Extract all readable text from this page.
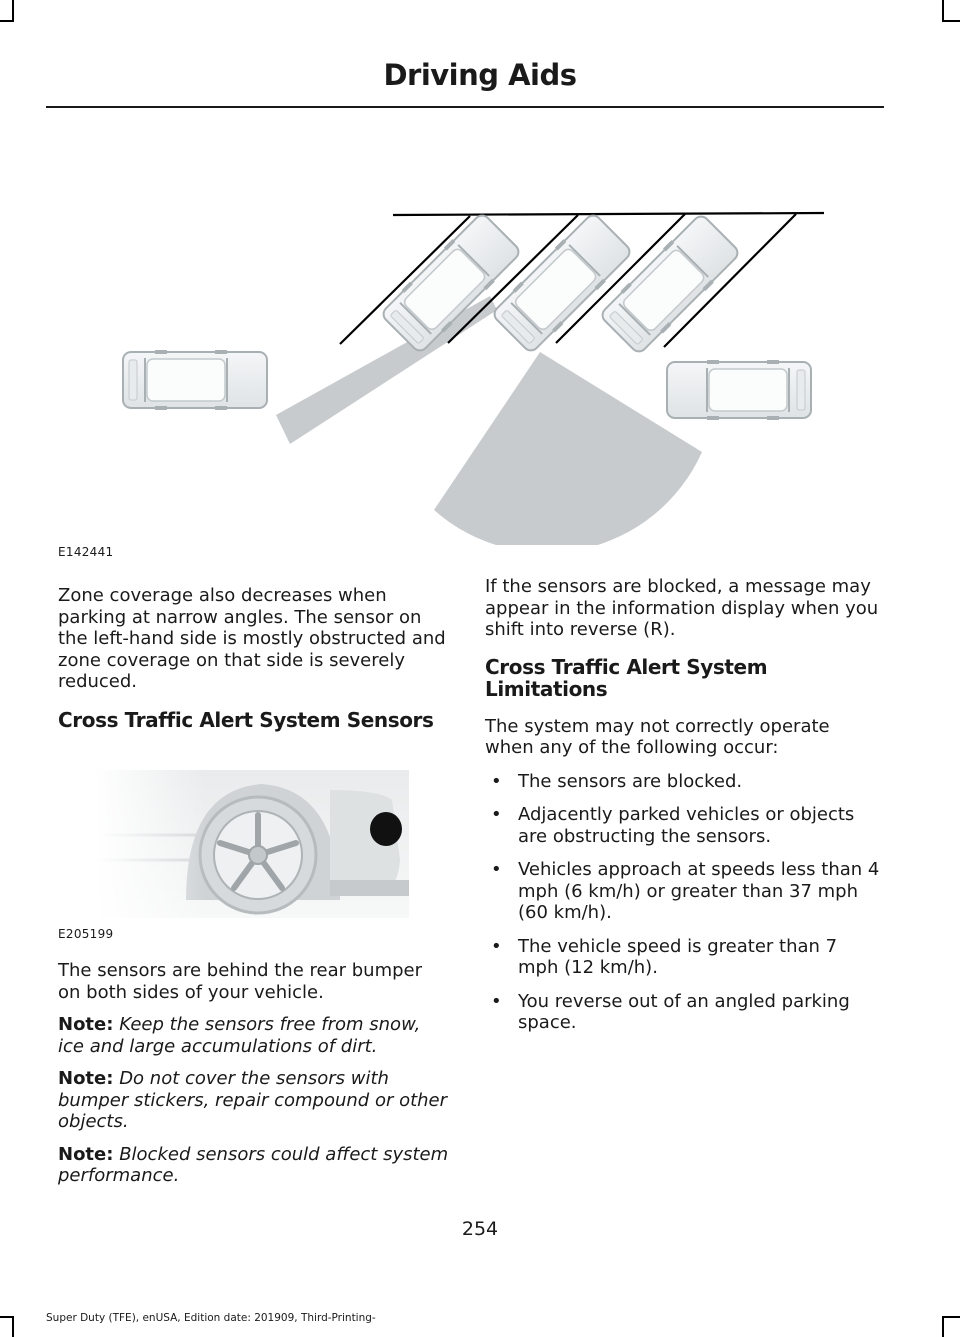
Driving Aids
E142441
E205199

Zone coverage also decreases when parking at narrow angles. The sensor on the left-hand side is mostly obstructed and zone coverage on that side is severely reduced.

Cross Traffic Alert System Sensors

The sensors are behind the rear bumper on both sides of your vehicle.

Note: Keep the sensors free from snow, ice and large accumulations of dirt.

Note: Do not cover the sensors with bumper stickers, repair compound or other objects.

Note: Blocked sensors could affect system performance.

If the sensors are blocked, a message may appear in the information display when you shift into reverse (R).

Cross Traffic Alert System Limitations

The system may not correctly operate when any of the following occur:

• The sensors are blocked.
• Adjacently parked vehicles or objects are obstructing the sensors.
• Vehicles approach at speeds less than 4 mph (6 km/h) or greater than 37 mph (60 km/h).
• The vehicle speed is greater than 7 mph (12 km/h).
• You reverse out of an angled parking space.
254
Super Duty (TFE), enUSA, Edition date: 201909, Third-Printing-
